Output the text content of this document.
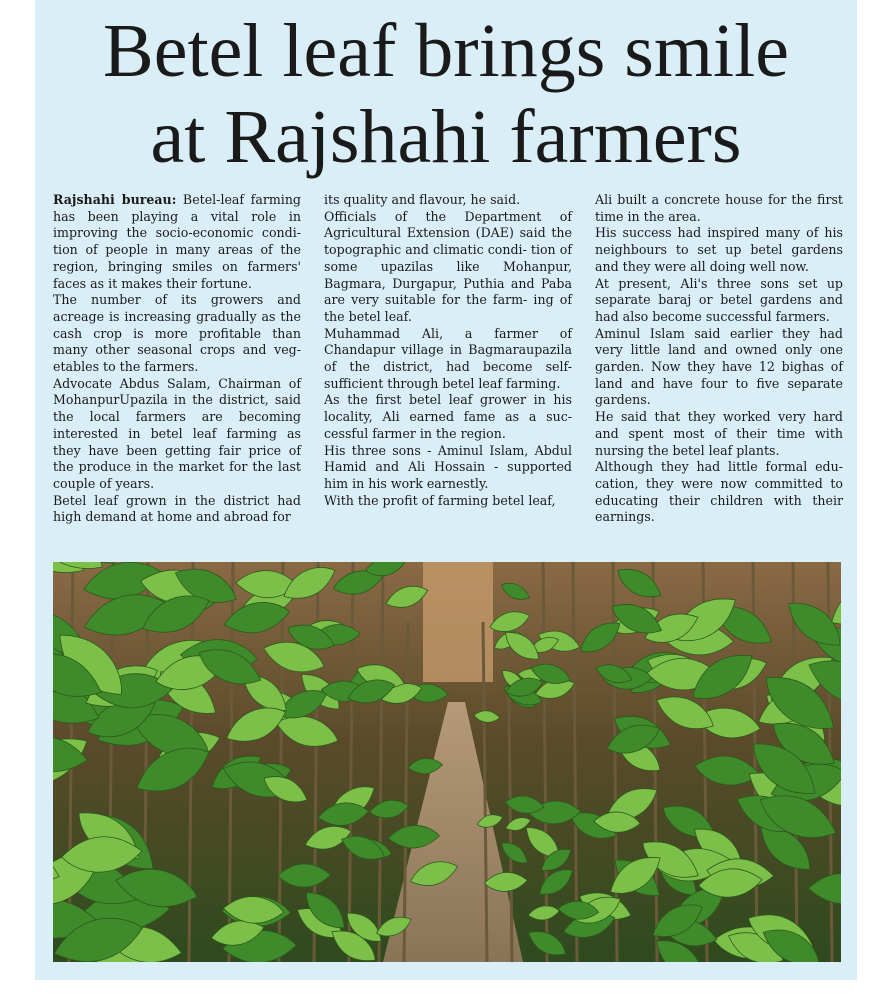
Betel leaf brings smile
at Rajshahi farmers

Rajshahi bureau: Betel-leaf farming has been playing a vital role in improving the socio-economic condi- tion of people in many areas of the region, bringing smiles on farmers' faces as it makes their fortune.

The number of its growers and acreage is increasing gradually as the cash crop is more profitable than many other seasonal crops and veg- etables to the farmers.

Advocate Abdus Salam, Chairman of MohanpurUpazila in the district, said the local farmers are becoming interested in betel leaf farming as they have been getting fair price of the produce in the market for the last couple of years.

Betel leaf grown in the district had high demand at home and abroad for

its quality and flavour, he said.

Officials of the Department of Agricultural Extension (DAE) said the topographic and climatic condi- tion of some upazilas like Mohanpur, Bagmara, Durgapur, Puthia and Paba are very suitable for the farm- ing of the betel leaf.

Muhammad Ali, a farmer of Chandapur village in Bagmaraupazila of the district, had become self-sufficient through betel leaf farming.

As the first betel leaf grower in his locality, Ali earned fame as a suc- cessful farmer in the region.

His three sons - Aminul Islam, Abdul Hamid and Ali Hossain - supported him in his work earnestly.

With the profit of farming betel leaf,

Ali built a concrete house for the first time in the area.

His success had inspired many of his neighbours to set up betel gardens and they were all doing well now.

At present, Ali's three sons set up separate baraj or betel gardens and had also become successful farmers.

Aminul Islam said earlier they had very little land and owned only one garden. Now they have 12 bighas of land and have four to five separate gardens.

He said that they worked very hard and spent most of their time with nursing the betel leaf plants.

Although they had little formal edu- cation, they were now committed to educating their children with their earnings.
